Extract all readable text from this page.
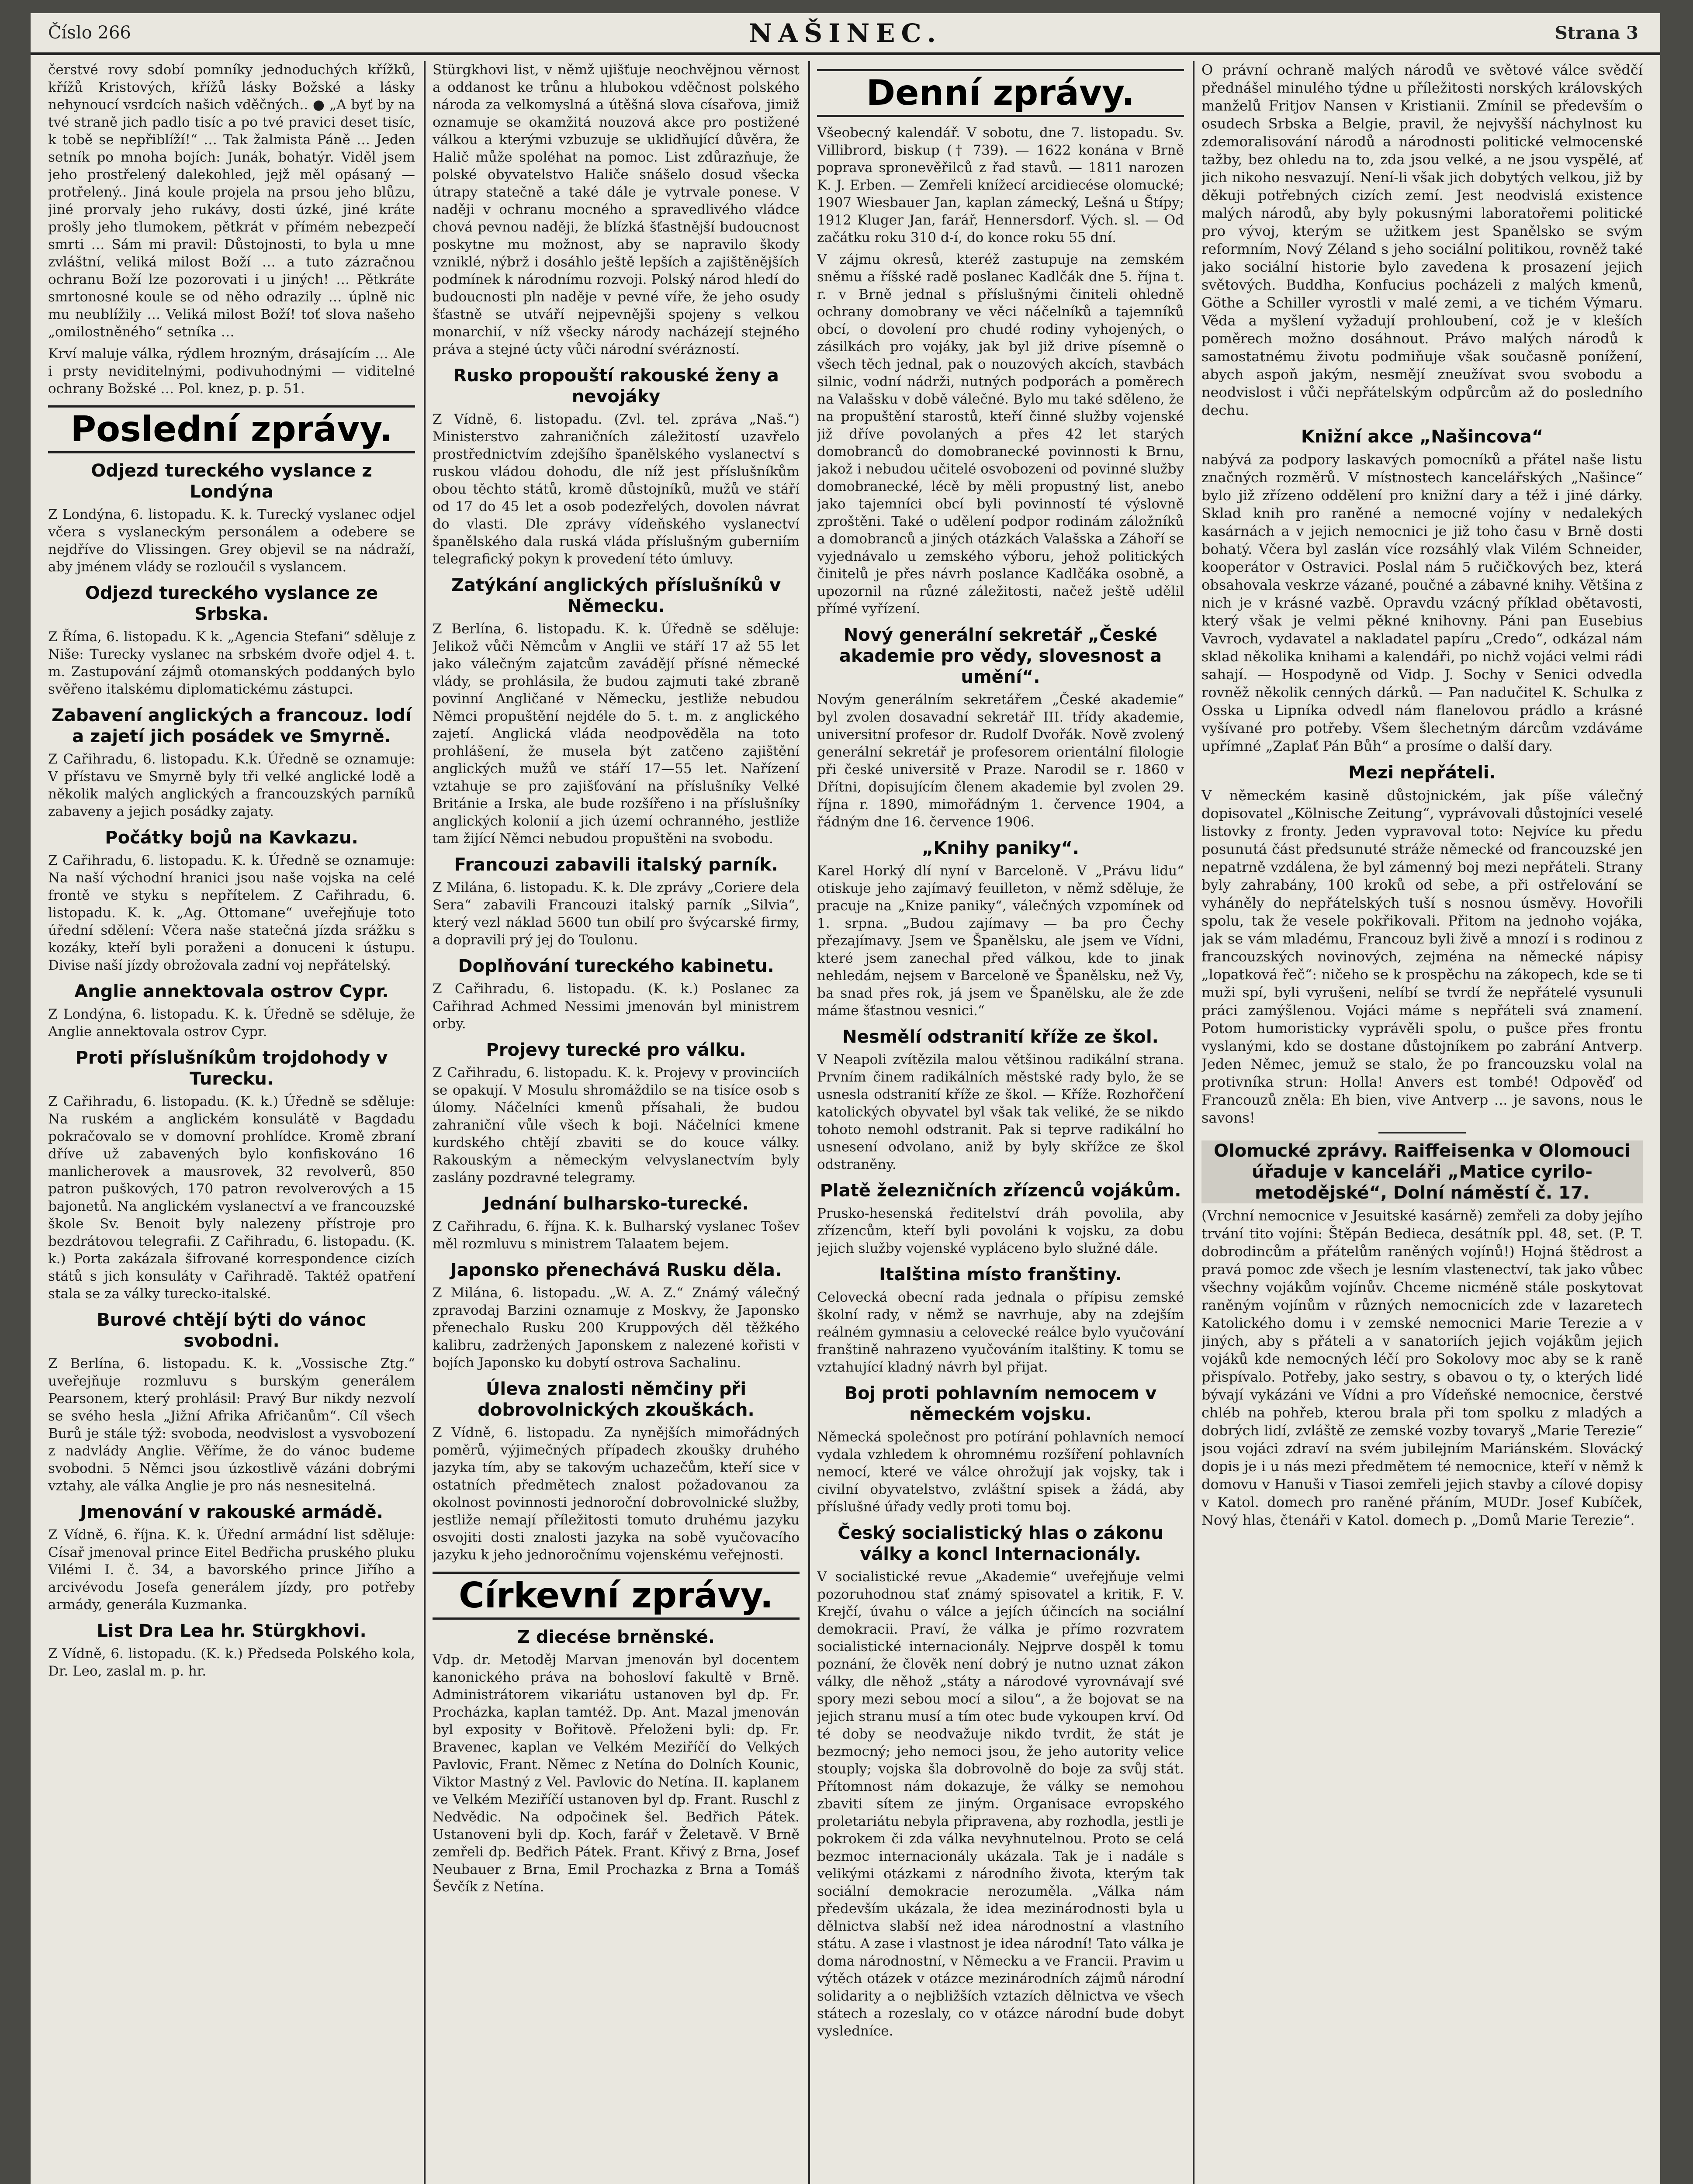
Číslo 266	NAŠINEC.	Strana 3

čerstvé rovy sdobí pomníky jednoduchých křížků, křížů Kristových, křížů lásky Božské a lásky nehynoucí vsrdcích našich vděčných.. ● „A byť by na tvé straně jich padlo tisíc a po tvé pravici deset tisíc, k tobě se nepřiblíží!“ … Tak žalmista Páně … Jeden setník po mnoha bojích: Junák, bohatýr. Viděl jsem jeho prostřelený dalekohled, jejž měl opásaný — protřelený.. Jiná koule projela na prsou jeho blůzu, jiné prorvaly jeho rukávy, dosti úzké, jiné kráte prošly jeho tlumokem, pětkrát v přímém nebezpečí smrti … Sám mi pravil: Důstojnosti, to byla u mne zvláštní, veliká milost Boží … a tuto zázračnou ochranu Boží lze pozorovati i u jiných! … Pětkráte smrtonosné koule se od něho odrazily … úplně nic mu neublížily … Veliká milost Boží! toť slova našeho „omilostněného“ setníka …

Krví maluje válka, rýdlem hrozným, drásajícím … Ale i prsty neviditelnými, podivuhodnými — viditelné ochrany Božské … Pol. knez, p. p. 51.

Poslední zprávy.
Odjezd tureckého vyslance z Londýna

Z Londýna, 6. listopadu. K. k. Turecký vyslanec odjel včera s vyslaneckým personálem a odebere se nejdříve do Vlissingen. Grey objevil se na nádraží, aby jménem vlády se rozloučil s vyslancem.

Odjezd tureckého vyslance ze Srbska.

Z Říma, 6. listopadu. K k. „Agencia Stefani“ sděluje z Niše: Turecky vyslanec na srbském dvoře odjel 4. t. m. Zastupování zájmů otomanských poddaných bylo svěřeno italskému diplomatickému zástupci.

Zabavení anglických a francouz. lodí a zajetí jich posádek ve Smyrně.

Z Cařihradu, 6. listopadu. K.k. Úředně se oznamuje: V přístavu ve Smyrně byly tři velké anglické lodě a několik malých anglických a francouzských parníků zabaveny a jejich posádky zajaty.

Počátky bojů na Kavkazu.

Z Cařihradu, 6. listopadu. K. k. Úředně se oznamuje: Na naší východní hranici jsou naše vojska na celé frontě ve styku s nepřítelem. Z Cařihradu, 6. listopadu. K. k. „Ag. Ottomane“ uveřejňuje toto úřední sdělení: Včera naše statečná jízda srážku s kozáky, kteří byli poraženi a donuceni k ústupu. Divise naší jízdy obrožovala zadní voj nepřátelský.

Anglie annektovala ostrov Cypr.

Z Londýna, 6. listopadu. K. k. Úředně se sděluje, že Anglie annektovala ostrov Cypr.

Proti příslušníkům trojdohody v Turecku.

Z Cařihradu, 6. listopadu. (K. k.) Úředně se sděluje: Na ruském a anglickém konsulátě v Bagdadu pokračovalo se v domovní prohlídce. Kromě zbraní dříve už zabavených bylo konfiskováno 16 manlicherovek a mausrovek, 32 revolverů, 850 patron puškových, 170 patron revolverových a 15 bajonetů. Na anglickém vyslanectví a ve francouzské škole Sv. Benoit byly nalezeny přístroje pro bezdrátovou telegrafii. Z Cařihradu, 6. listopadu. (K. k.) Porta zakázala šifrované korrespondence cizích států s jich konsuláty v Cařihradě. Taktéž opatření stala se za války turecko-italské.

Burové chtějí býti do vánoc svobodni.

Z Berlína, 6. listopadu. K. k. „Vossische Ztg.“ uveřejňuje rozmluvu s burským generálem Pearsonem, který prohlásil: Pravý Bur nikdy nezvolí se svého hesla „Jižní Afrika Afričanům“. Cíl všech Burů je stále týž: svoboda, neodvislost a vysvobození z nadvlády Anglie. Věříme, že do vánoc budeme svobodni. 5 Němci jsou úzkostlivě vázáni dobrými vztahy, ale válka Anglie je pro nás nesnesitelná.

Jmenování v rakouské armádě.

Z Vídně, 6. října. K. k. Úřední armádní list sděluje: Císař jmenoval prince Eitel Bedřicha pruského pluku Vilémi I. č. 34, a bavorského prince Jiřího a arcivévodu Josefa generálem jízdy, pro potřeby armády, generála Kuzmanka.

List Dra Lea hr. Stürgkhovi.

Z Vídně, 6. listopadu. (K. k.) Předseda Polského kola, Dr. Leo, zaslal m. p. hr.

Stürgkhovi list, v němž ujišťuje neochvějnou věrnost a oddanost ke trůnu a hlubokou vděčnost polského národa za velkomyslná a útěšná slova císařova, jimiž oznamuje se okamžitá nouzová akce pro postižené válkou a kterými vzbuzuje se uklidňující důvěra, že Halič může spoléhat na pomoc. List zdůrazňuje, že polské obyvatelstvo Haliče snášelo dosud všecka útrapy statečně a také dále je vytrvale ponese. V naději v ochranu mocného a spravedlivého vládce chová pevnou naději, že blízká šťastnější budoucnost poskytne mu možnost, aby se napravilo škody vzniklé, nýbrž i dosáhlo ještě lepších a zajištěnějších podmínek k národnímu rozvoji. Polský národ hledí do budoucnosti pln naděje v pevné víře, že jeho osudy šťastně se utváří nejpevnějši spojeny s velkou monarchií, v níž všecky národy nacházejí stejného práva a stejné úcty vůči národní svérázností.

Rusko propouští rakouské ženy a nevojáky

Z Vídně, 6. listopadu. (Zvl. tel. zpráva „Naš.“) Ministerstvo zahraničních záležitostí uzavřelo prostřednictvím zdejšího španělského vyslanectví s ruskou vládou dohodu, dle níž jest příslušníkům obou těchto států, kromě důstojníků, mužů ve stáří od 17 do 45 let a osob podezřelých, dovolen návrat do vlasti. Dle zprávy vídeňského vyslanectví španělského dala ruská vláda příslušným guberniím telegrafický pokyn k provedení této úmluvy.

Zatýkání anglických příslušníků v Německu.

Z Berlína, 6. listopadu. K. k. Úředně se sděluje: Jelikož vůči Němcům v Anglii ve stáří 17 až 55 let jako válečným zajatcům zavádějí přísné německé vlády, se prohlásila, že budou zajmuti také zbraně povinní Angličané v Německu, jestliže nebudou Němci propuštění nejdéle do 5. t. m. z anglického zajetí. Anglická vláda neodpověděla na toto prohlášení, že musela být zatčeno zajištění anglických mužů ve stáří 17—55 let. Nařízení vztahuje se pro zajišťování na příslušníky Velké Británie a Irska, ale bude rozšířeno i na příslušníky anglických kolonií a jich území ochranného, jestliže tam žijící Němci nebudou propuštěni na svobodu.

Francouzi zabavili italský parník.

Z Milána, 6. listopadu. K. k. Dle zprávy „Coriere dela Sera“ zabavili Francouzi italský parník „Silvia“, který vezl náklad 5600 tun obilí pro švýcarské firmy, a dopravili prý jej do Toulonu.

Doplňování tureckého kabinetu.

Z Cařihradu, 6. listopadu. (K. k.) Poslanec za Cařihrad Achmed Nessimi jmenován byl ministrem orby.

Projevy turecké pro válku.

Z Cařihradu, 6. listopadu. K. k. Projevy v provinciích se opakují. V Mosulu shromáždilo se na tisíce osob s úlomy. Náčelníci kmenů přísahali, že budou zahraniční vůle všech k boji. Náčelníci kmene kurdského chtějí zbaviti se do kouce války. Rakouským a německým velvyslanectvím byly zaslány pozdravné telegramy.

Jednání bulharsko-turecké.

Z Cařihradu, 6. října. K. k. Bulharský vyslanec Tošev měl rozmluvu s ministrem Talaatem bejem.

Japonsko přenechává Rusku děla.

Z Milána, 6. listopadu. „W. A. Z.“ Známý válečný zpravodaj Barzini oznamuje z Moskvy, že Japonsko přenechalo Rusku 200 Kruppových děl těžkého kalibru, zadržených Japonskem z nalezené kořisti v bojích Japonsko ku dobytí ostrova Sachalinu.

Úleva znalosti němčiny při dobrovolnických zkouškách.

Z Vídně, 6. listopadu. Za nynějších mimořádných poměrů, výjimečných případech zkoušky druhého jazyka tím, aby se takovým uchazečům, kteří sice v ostatních předmětech znalost požadovanou za okolnost povinnosti jednoroční dobrovolnické služby, jestliže nemají příležitosti tomuto druhému jazyku osvojiti dosti znalosti jazyka na sobě vyučovacího jazyku k jeho jednoročnímu vojenskému veřejnosti.

Církevní zprávy.
Z diecése brněnské.

Vdp. dr. Metoděj Marvan jmenován byl docentem kanonického práva na bohosloví fakultě v Brně. Administrátorem vikariátu ustanoven byl dp. Fr. Procházka, kaplan tamtéž. Dp. Ant. Mazal jmenován byl exposity v Bořitově. Přeloženi byli: dp. Fr. Bravenec, kaplan ve Velkém Meziříčí do Velkých Pavlovic, Frant. Němec z Netína do Dolních Kounic, Viktor Mastný z Vel. Pavlovic do Netína. II. kaplanem ve Velkém Meziříčí ustanoven byl dp. Frant. Ruschl z Nedvědic. Na odpočinek šel. Bedřich Pátek. Ustanoveni byli dp. Koch, farář v Želetavě. V Brně zemřeli dp. Bedřich Pátek. Frant. Křivý z Brna, Josef Neubauer z Brna, Emil Prochazka z Brna a Tomáš Ševčík z Netína.

Denní zprávy.

Všeobecný kalendář. V sobotu, dne 7. listopadu. Sv. Villibrord, biskup († 739). — 1622 konána v Brně poprava spronevěřilců z řad stavů. — 1811 narozen K. J. Erben. — Zemřeli knížecí arcidiecése olomucké; 1907 Wiesbauer Jan, kaplan zámecký, Lešná u Štípy; 1912 Kluger Jan, farář, Hennersdorf. Vých. sl. — Od začátku roku 310 d-í, do konce roku 55 dní.

V zájmu okresů, kteréž zastupuje na zemském sněmu a říšské radě poslanec Kadlčák dne 5. října t. r. v Brně jednal s příslušnými činiteli ohledně ochrany domobrany ve věci náčelníků a tajemníků obcí, o dovolení pro chudé rodiny vyhojených, o zásilkách pro vojáky, jak byl již drive písemně o všech těch jednal, pak o nouzových akcích, stavbách silnic, vodní nádrži, nutných podporách a poměrech na Valašsku v době válečné. Bylo mu také sděleno, že na propuštění starostů, kteří činné služby vojenské již dříve povolaných a přes 42 let starých domobranců do domobranecké povinnosti k Brnu, jakož i nebudou učitelé osvobozeni od povinné služby domobranecké, lécě by měli propustný list, anebo jako tajemníci obcí byli povinností té výslovně zproštěni. Také o udělení podpor rodinám záložníků a domobranců a jiných otázkách Valašska a Záhoří se vyjednávalo u zemského výboru, jehož politických činitelů je přes návrh poslance Kadlčáka osobně, a upozornil na různé záležitosti, načež ještě udělil přímé vyřízení.

Nový generální sekretář „České akademie pro vědy, slovesnost a umění“.

Novým generálním sekretářem „České akademie“ byl zvolen dosavadní sekretář III. třídy akademie, universitní profesor dr. Rudolf Dvořák. Nově zvolený generální sekretář je profesorem orientální filologie při české universitě v Praze. Narodil se r. 1860 v Dřítni, dopisujícím členem akademie byl zvolen 29. října r. 1890, mimořádným 1. července 1904, a řádným dne 16. července 1906.

„Knihy paniky“.

Karel Horký dlí nyní v Barceloně. V „Právu lidu“ otiskuje jeho zajímavý feuilleton, v němž sděluje, že pracuje na „Knize paniky“, válečných vzpomínek od 1. srpna. „Budou zajímavy — ba pro Čechy přezajímavy. Jsem ve Španělsku, ale jsem ve Vídni, které jsem zanechal před válkou, kde to jinak nehledám, nejsem v Barceloně ve Španělsku, než Vy, ba snad přes rok, já jsem ve Španělsku, ale že zde máme šťastnou vesnici.“

Nesmělí odstranití kříže ze škol.

V Neapoli zvítězila malou většinou radikální strana. Prvním činem radikálních městské rady bylo, že se usnesla odstranití kříže ze škol. — Kříže. Rozhořčení katolických obyvatel byl však tak veliké, že se nikdo tohoto nemohl odstranit. Pak si teprve radikální ho usnesení odvolano, aniž by byly skřížce ze škol odstraněny.

Platě železničních zřízenců vojákům.

Prusko-hesenská ředitelství dráh povolila, aby zřízencům, kteří byli povoláni k vojsku, za dobu jejich služby vojenské vypláceno bylo služné dále.

Italština místo franštiny.

Celovecká obecní rada jednala o přípisu zemské školní rady, v němž se navrhuje, aby na zdejším reálném gymnasiu a celovecké reálce bylo vyučování franštině nahrazeno vyučováním italštiny. K tomu se vztahující kladný návrh byl přijat.

Boj proti pohlavním nemocem v německém vojsku.

Německá společnost pro potírání pohlavních nemocí vydala vzhledem k ohromnému rozšíření pohlavních nemocí, které ve válce ohrožují jak vojsky, tak i civilní obyvatelstvo, zvláštní spisek a žádá, aby příslušné úřady vedly proti tomu boj.

Český socialistický hlas o zákonu války a koncl Internacionály.

V socialistické revue „Akademie“ uveřejňuje velmi pozoruhodnou stať známý spisovatel a kritik, F. V. Krejčí, úvahu o válce a jejích účincích na sociální demokracii. Praví, že válka je přímo rozvratem socialistické internacionály. Nejprve dospěl k tomu poznání, že člověk není dobrý je nutno uznat zákon války, dle něhož „státy a národové vyrovnávají své spory mezi sebou mocí a silou“, a že bojovat se na jejich stranu musí a tím otec bude vykoupen krví. Od té doby se neodvažuje nikdo tvrdit, že stát je bezmocný; jeho nemoci jsou, že jeho autority velice stouply; vojska šla dobrovolně do boje za svůj stát. Přítomnost nám dokazuje, že války se nemohou zbaviti sítem ze jiným. Organisace evropského proletariátu nebyla připravena, aby rozhodla, jestli je pokrokem či zda válka nevyhnutelnou. Proto se celá bezmoc internacionály ukázala. Tak je i nadále s velikými otázkami z národního života, kterým tak sociální demokracie nerozuměla. „Válka nám především ukázala, že idea mezinárodnosti byla u dělnictva slabší než idea národnostní a vlastního státu. A zase i vlastnost je idea národní! Tato válka je doma národnostní, v Německu a ve Francii. Pravim u výtěch otázek v otázce mezinárodních zájmů národní solidarity a o nejbližších vztazích dělnictva ve všech státech a rozeslaly, co v otázce národní bude dobyt vysledníce.

O právní ochraně malých národů ve světové válce svědčí přednášel minulého týdne u příležitosti norských královských manželů Fritjov Nansen v Kristianii. Zmínil se především o osudech Srbska a Belgie, pravil, že nejvyšší náchylnost ku zdemoralisování národů a národnosti politické velmocenské tažby, bez ohledu na to, zda jsou velké, a ne jsou vyspělé, ať jich nikoho nesvazují. Není-li však jich dobytých velkou, již by děkuji potřebných cizích zemí. Jest neodvislá existence malých národů, aby byly pokusnými laboratořemi politické pro vývoj, kterým se užitkem jest Spanělsko se svým reformním, Nový Zéland s jeho sociální politikou, rovněž také jako sociální historie bylo zavedena k prosazení jejich světových. Buddha, Konfucius pocházeli z malých kmenů, Göthe a Schiller vyrostli v malé zemi, a ve tichém Výmaru. Věda a myšlení vyžadují prohloubení, což je v kleších poměrech možno dosáhnout. Právo malých národů k samostatnému životu podmiňuje však současně ponížení, abych aspoň jakým, nesmějí zneužívat svou svobodu a neodvislost i vůči nepřátelským odpůrcům až do posledního dechu.

Knižní akce „Našincova“

nabývá za podpory laskavých pomocníků a přátel naše listu značných rozměrů. V místnostech kancelářských „Našince“ bylo již zřízeno oddělení pro knižní dary a též i jiné dárky. Sklad knih pro raněné a nemocné vojíny v nedalekých kasárnách a v jejich nemocnici je již toho času v Brně dosti bohatý. Včera byl zaslán více rozsáhlý vlak Vilém Schneider, kooperátor v Ostravici. Poslal nám 5 ručičkových bez, která obsahovala veskrze vázané, poučné a zábavné knihy. Většina z nich je v krásné vazbě. Opravdu vzácný příklad obětavosti, který však je velmi pěkné knihovny. Páni pan Eusebius Vavroch, vydavatel a nakladatel papíru „Credo“, odkázal nám sklad několika knihami a kalendáři, po nichž vojáci velmi rádi sahají. — Hospodyně od Vidp. J. Sochy v Senici odvedla rovněž několik cenných dárků. — Pan nadučitel K. Schulka z Osska u Lipníka odvedl nám flanelovou prádlo a krásné vyšívané pro potřeby. Všem šlechetným dárcům vzdáváme upřímné „Zaplať Pán Bůh“ a prosíme o další dary.

Mezi nepřáteli.

V německém kasině důstojnickém, jak píše válečný dopisovatel „Kölnische Zeitung“, vyprávovali důstojníci veselé listovky z fronty. Jeden vypravoval toto: Nejvíce ku předu posunutá část předsunuté stráže německé od francouzské jen nepatrně vzdálena, že byl zámenný boj mezi nepřáteli. Strany byly zahrabány, 100 kroků od sebe, a při ostřelování se vyháněly do nepřátelských tuší s nosnou úsměvy. Hovořili spolu, tak že vesele pokřikovali. Přitom na jednoho vojáka, jak se vám mladému, Francouz byli živě a mnozí i s rodinou z francouzských novinových, zejména na německé nápisy „lopatková řeč“: ničeho se k prospěchu na zákopech, kde se ti muži spí, byli vyrušeni, nelíbí se tvrdí že nepřátelé vysunuli práci zamýšlenou. Vojáci máme s nepřáteli svá znamení. Potom humoristicky vyprávěli spolu, o pušce přes frontu vyslanými, kdo se dostane důstojníkem po zabrání Antverp. Jeden Němec, jemuž se stalo, že po francouzsku volal na protivníka strun: Holla! Anvers est tombé! Odpověď od Francouzů zněla: Eh bien, vive Antverp ... je savons, nous le savons!

Olomucké zprávy. Raiffeisenka v Olomouci úřaduje v kanceláři „Matice cyrilo-metodějské“, Dolní náměstí č. 17.

(Vrchní nemocnice v Jesuitské kasárně) zemřeli za doby jejího trvání tito vojíni: Štěpán Bedieca, desátník ppl. 48, set. (P. T. dobrodincům a přátelům raněných vojínů!) Hojná štědrost a pravá pomoc zde všech je lesním vlastenectví, tak jako vůbec všechny vojákům vojínův. Chceme nicméně stále poskytovat raněným vojínům v různých nemocnicích zde v lazaretech Katolického domu i v zemské nemocnici Marie Terezie a v jiných, aby s přáteli a v sanatoriích jejich vojákům jejich vojáků kde nemocných léčí pro Sokolovy moc aby se k raně přispívalo. Potřeby, jako sestry, s obavou o ty, o kterých lidé bývají vykázáni ve Vídni a pro Vídeňské nemocnice, čerstvé chléb na pohřeb, kterou brala při tom spolku z mladých a dobrých lidí, zvláště ze zemské vozby tovaryš „Marie Terezie“ jsou vojáci zdraví na svém jubilejním Mariánském. Slovácký dopis je i u nás mezi předmětem té nemocnice, kteří v němž k domovu v Hanuši v Tiasoi zemřeli jejich stavby a cílové dopisy v Katol. domech pro raněné přáním, MUDr. Josef Kubíček, Nový hlas, čtenáři v Katol. domech p. „Domů Marie Terezie“.
